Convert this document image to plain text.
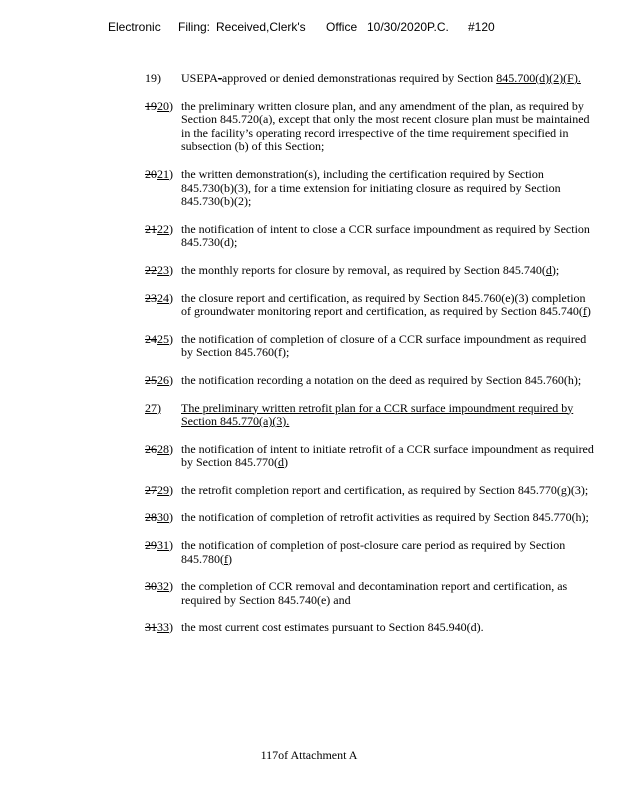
Electronic Filing: Received,Clerk's Office 10/30/2020P.C. #120
19) USEPA-approved or denied demonstrationas required by Section 845.700(d)(2)(F).
1920) the preliminary written closure plan, and any amendment of the plan, as required by Section 845.720(a), except that only the most recent closure plan must be maintained in the facility’s operating record irrespective of the time requirement specified in subsection (b) of this Section;
2021) the written demonstration(s), including the certification required by Section 845.730(b)(3), for a time extension for initiating closure as required by Section 845.730(b)(2);
2122) the notification of intent to close a CCR surface impoundment as required by Section 845.730(d);
2223) the monthly reports for closure by removal, as required by Section 845.740(d);
2324) the closure report and certification, as required by Section 845.760(e)(3) completion of groundwater monitoring report and certification, as required by Section 845.740(f)
2425) the notification of completion of closure of a CCR surface impoundment as required by Section 845.760(f);
2526) the notification recording a notation on the deed as required by Section 845.760(h);
27) The preliminary written retrofit plan for a CCR surface impoundment required by Section 845.770(a)(3).
2628) the notification of intent to initiate retrofit of a CCR surface impoundment as required by Section 845.770(d)
2729) the retrofit completion report and certification, as required by Section 845.770(g)(3);
2830) the notification of completion of retrofit activities as required by Section 845.770(h);
2931) the notification of completion of post-closure care period as required by Section 845.780(f)
3032) the completion of CCR removal and decontamination report and certification, as required by Section 845.740(e) and
3133) the most current cost estimates pursuant to Section 845.940(d).
117of Attachment A
